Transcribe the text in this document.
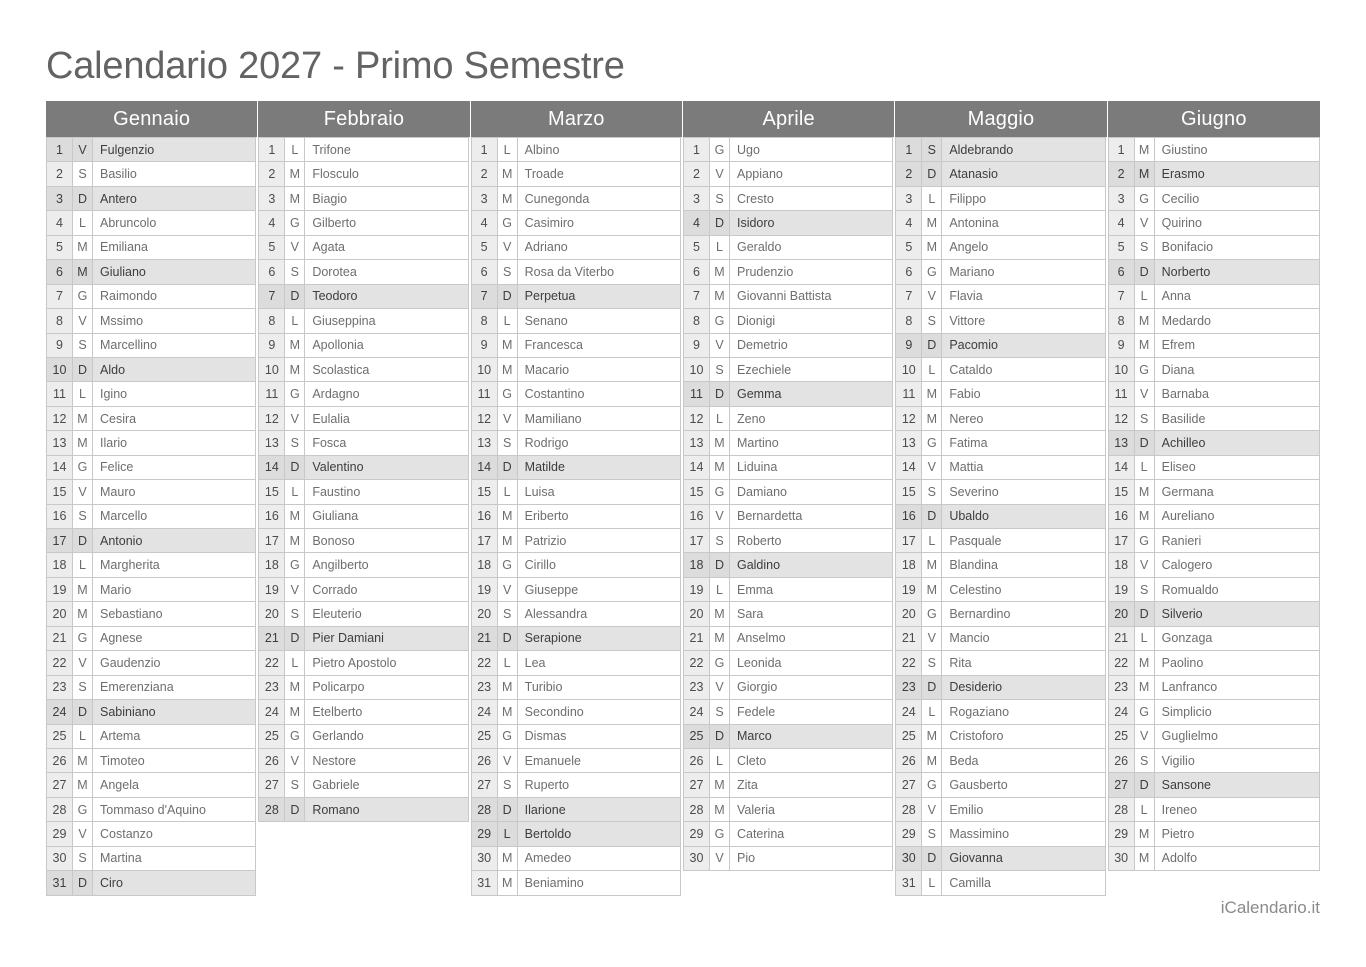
Calendario 2027 - Primo Semestre
Gennaio
1	V	Fulgenzio
2	S	Basilio
3	D	Antero
4	L	Abruncolo
5	M Emiliana
6	M Giuliano
7	G	Raimondo
8	V	Mssimo
9	S	Marcellino
10 D	Aldo
11	L	Igino
12 M Cesira
13 M Ilario
14 G	Felice
15 V	Mauro
16 S	Marcello
17 D	Antonio
18	L	Margherita
19 M Mario
20 M Sebastiano
21 G	Agnese
22 V	Gaudenzio
23 S	Emerenziana
24 D	Sabiniano
25	L	Artema
26 M Timoteo
27 M Angela
28 G	Tommaso d'Aquino
29 V	Costanzo
30 S	Martina
31 D	Ciro
Febbraio
1	L	Trifone
2	M Flosculo
3	M Biagio
4	G	Gilberto
5	V	Agata
6	S	Dorotea
7	D	Teodoro
8	L	Giuseppina
9	M Apollonia
10 M Scolastica
11 G	Ardagno
12 V	Eulalia
13 S	Fosca
14 D	Valentino
15	L	Faustino
16 M Giuliana
17 M Bonoso
18 G	Angilberto
19 V	Corrado
20 S	Eleuterio
21 D	Pier Damiani
22	L	Pietro Apostolo
23 M Policarpo
24 M Etelberto
25 G	Gerlando
26 V	Nestore
27 S	Gabriele
28 D	Romano
Marzo
1	L	Albino
2	M Troade
3	M Cunegonda
4	G	Casimiro
5	V	Adriano
6	S	Rosa da Viterbo
7	D	Perpetua
8	L	Senano
9	M Francesca
10 M Macario
11 G	Costantino
12 V	Mamiliano
13 S	Rodrigo
14 D	Matilde
15	L	Luisa
16 M Eriberto
17 M Patrizio
18 G	Cirillo
19 V	Giuseppe
20 S	Alessandra
21 D	Serapione
22	L	Lea
23 M Turibio
24 M Secondino
25 G	Dismas
26 V	Emanuele
27 S	Ruperto
28 D	Ilarione
29	L	Bertoldo
30 M Amedeo
31 M Beniamino
Aprile
1	G	Ugo
2	V	Appiano
3	S	Cresto
4	D	Isidoro
5	L	Geraldo
6	M Prudenzio
7	M Giovanni Battista
8	G	Dionigi
9	V	Demetrio
10 S	Ezechiele
11 D	Gemma
12	L	Zeno
13 M Martino
14 M Liduina
15 G	Damiano
16 V	Bernardetta
17 S	Roberto
18 D	Galdino
19	L	Emma
20 M Sara
21 M Anselmo
22 G	Leonida
23 V	Giorgio
24 S	Fedele
25 D	Marco
26	L	Cleto
27 M Zita
28 M Valeria
29 G	Caterina
30 V	Pio
Maggio
1	S	Aldebrando
2	D	Atanasio
3	L	Filippo
4	M Antonina
5	M Angelo
6	G	Mariano
7	V	Flavia
8	S	Vittore
9	D	Pacomio
10	L	Cataldo
11 M Fabio
12 M Nereo
13 G	Fatima
14 V	Mattia
15 S	Severino
16 D	Ubaldo
17	L	Pasquale
18 M Blandina
19 M Celestino
20 G	Bernardino
21 V	Mancio
22 S	Rita
23 D	Desiderio
24	L	Rogaziano
25 M Cristoforo
26 M Beda
27 G	Gausberto
28 V	Emilio
29 S	Massimino
30 D	Giovanna
31	L	Camilla
Giugno
1	M Giustino
2	M Erasmo
3	G	Cecilio
4	V	Quirino
5	S	Bonifacio
6	D	Norberto
7	L	Anna
8	M Medardo
9	M Efrem
10 G	Diana
11 V	Barnaba
12 S	Basilide
13 D	Achilleo
14	L	Eliseo
15 M Germana
16 M Aureliano
17 G	Ranieri
18 V	Calogero
19 S	Romualdo
20 D	Silverio
21	L	Gonzaga
22 M Paolino
23 M Lanfranco
24 G	Simplicio
25 V	Guglielmo
26 S	Vigilio
27 D	Sansone
28	L	Ireneo
29 M Pietro
30 M Adolfo
iCalendario.it
